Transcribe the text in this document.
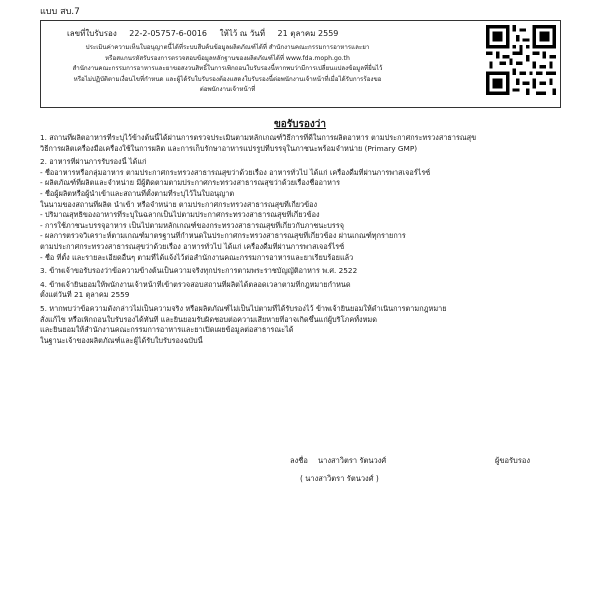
แบบ สบ.7
เลขที่ใบรับรอง 22-2-05757-6-0016 ให้ไว้ ณ วันที่ 21 ตุลาคม 2559
ประเมินค่าความเห็นใบอนุญาตนี้ได้ที่ระบบสืบค้นข้อมูลผลิตภัณฑ์ได้ที่ สำนักงานคณะกรรมการอาหารและยา
หรือสแกนรหัสรับรองการตรวจสอบข้อมูลหลักฐานของผลิตภัณฑ์ได้ที่ www.fda.moph.go.th
สำนักงานคณะกรรมการอาหารและยาขอสงวนสิทธิ์ในการเพิกถอนใบรับรองนี้หากพบว่ามีการเปลี่ยนแปลงข้อมูลที่ยื่นไว้
หรือไม่ปฏิบัติตามเงื่อนไขที่กำหนด และผู้ได้รับใบรับรองต้องแสดงใบรับรองนี้ต่อพนักงานเจ้าหน้าที่เมื่อได้รับการร้องขอ
ต่อพนักงานเจ้าหน้าที่
ขอรับรองว่า

1. สถานที่ผลิตอาหารที่ระบุไว้ข้างต้นนี้ได้ผ่านการตรวจประเมินตามหลักเกณฑ์วิธีการที่ดีในการผลิตอาหาร ตามประกาศกระทรวงสาธารณสุข

วิธีการผลิตเครื่องมือเครื่องใช้ในการผลิต และการเก็บรักษาอาหารแปรรูปที่บรรจุในภาชนะพร้อมจำหน่าย (Primary GMP)

2. อาหารที่ผ่านการรับรองนี้ ได้แก่

- ชื่ออาหารหรือกลุ่มอาหาร ตามประกาศกระทรวงสาธารณสุขว่าด้วยเรื่อง อาหารทั่วไป ได้แก่ เครื่องดื่มที่ผ่านการพาสเจอร์ไรซ์

- ผลิตภัณฑ์ที่ผลิตและจำหน่าย มีผู้ติดตามตามประกาศกระทรวงสาธารณสุขว่าด้วยเรื่องชื่ออาหาร

- ชื่อผู้ผลิตหรือผู้นำเข้าและสถานที่ตั้งตามที่ระบุไว้ในใบอนุญาต

ในนามของสถานที่ผลิต นำเข้า หรือจำหน่าย ตามประกาศกระทรวงสาธารณสุขที่เกี่ยวข้อง

- ปริมาณสุทธิของอาหารที่ระบุในฉลากเป็นไปตามประกาศกระทรวงสาธารณสุขที่เกี่ยวข้อง

- การใช้ภาชนะบรรจุอาหาร เป็นไปตามหลักเกณฑ์ของกระทรวงสาธารณสุขที่เกี่ยวกับภาชนะบรรจุ

- ผลการตรวจวิเคราะห์ตามเกณฑ์มาตรฐานที่กำหนดในประกาศกระทรวงสาธารณสุขที่เกี่ยวข้อง ผ่านเกณฑ์ทุกรายการ

ตามประกาศกระทรวงสาธารณสุขว่าด้วยเรื่อง อาหารทั่วไป ได้แก่ เครื่องดื่มที่ผ่านการพาสเจอร์ไรซ์

- ชื่อ ที่ตั้ง และรายละเอียดอื่นๆ ตามที่ได้แจ้งไว้ต่อสำนักงานคณะกรรมการอาหารและยาเรียบร้อยแล้ว

3. ข้าพเจ้าขอรับรองว่าข้อความข้างต้นเป็นความจริงทุกประการตามพระราชบัญญัติอาหาร พ.ศ. 2522

4. ข้าพเจ้ายินยอมให้พนักงานเจ้าหน้าที่เข้าตรวจสอบสถานที่ผลิตได้ตลอดเวลาตามที่กฎหมายกำหนด

ตั้งแต่วันที่ 21 ตุลาคม 2559

5. หากพบว่าข้อความดังกล่าวไม่เป็นความจริง หรือผลิตภัณฑ์ไม่เป็นไปตามที่ได้รับรองไว้ ข้าพเจ้ายินยอมให้ดำเนินการตามกฎหมาย

สั่งแก้ไข หรือเพิกถอนใบรับรองได้ทันที และยินยอมรับผิดชอบต่อความเสียหายที่อาจเกิดขึ้นแก่ผู้บริโภคทั้งหมด

และยินยอมให้สำนักงานคณะกรรมการอาหารและยาเปิดเผยข้อมูลต่อสาธารณะได้

ในฐานะเจ้าของผลิตภัณฑ์และผู้ได้รับใบรับรองฉบับนี้

ลงชื่อ นางสาวิตรา รัตนวงศ์	ผู้ขอรับรอง
( นางสาวิตรา รัตนวงศ์ )
